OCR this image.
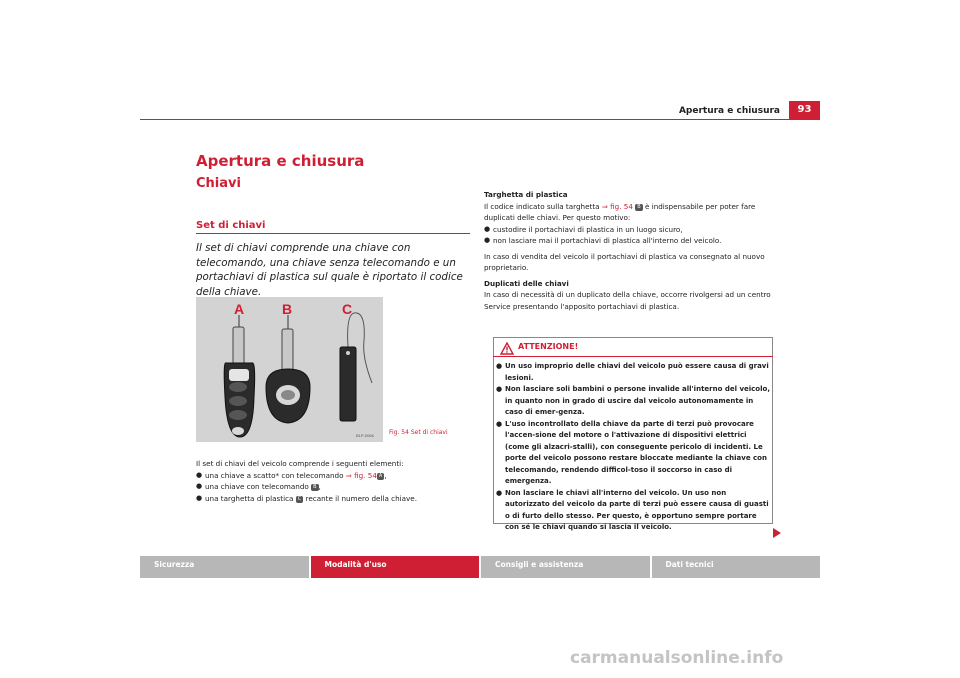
93
Apertura e chiusura
Apertura e chiusura
Chiavi
Set di chiavi
Il set di chiavi comprende una chiave con telecomando, una chiave senza telecomando e un portachiavi di plastica sul quale è riportato il codice della chiave.
A	B	C
B1P-0066	Fig. 54 Set di chiavi
Il set di chiavi del veicolo comprende i seguenti elementi:
● una chiave a scatto* con telecomando ⇒ fig. 54 A ,
● una chiave con telecomando B ,
● una targhetta di plastica C recante il numero della chiave.
Targhetta di plastica
Il codice indicato sulla targhetta ⇒ fig. 54 B è indispensabile per poter fare duplicati delle chiavi. Per questo motivo:
● custodire il portachiavi di plastica in un luogo sicuro,
● non lasciare mai il portachiavi di plastica all'interno del veicolo.
In caso di vendita del veicolo il portachiavi di plastica va consegnato al nuovo proprietario.
Duplicati delle chiavi
In caso di necessità di un duplicato della chiave, occorre rivolgersi ad un centro Service presentando l'apposito portachiavi di plastica.
ATTENZIONE!
● Un uso improprio delle chiavi del veicolo può essere causa di gravi lesioni.
● Non lasciare soli bambini o persone invalide all'interno del veicolo, in quanto non in grado di uscire dal veicolo autonomamente in caso di emer-genza.
● L'uso incontrollato della chiave da parte di terzi può provocare l'accen-sione del motore o l'attivazione di dispositivi elettrici (come gli alzacri-stalli), con conseguente pericolo di incidenti. Le porte del veicolo possono restare bloccate mediante la chiave con telecomando, rendendo difficol-toso il soccorso in caso di emergenza.
● Non lasciare le chiavi all'interno del veicolo. Un uso non autorizzato del veicolo da parte di terzi può essere causa di guasti o di furto dello stesso. Per questo, è opportuno sempre portare con sé le chiavi quando si lascia il veicolo.
Sicurezza	Modalità d'uso	Consigli e assistenza	Dati tecnici
carmanualsonline.info
